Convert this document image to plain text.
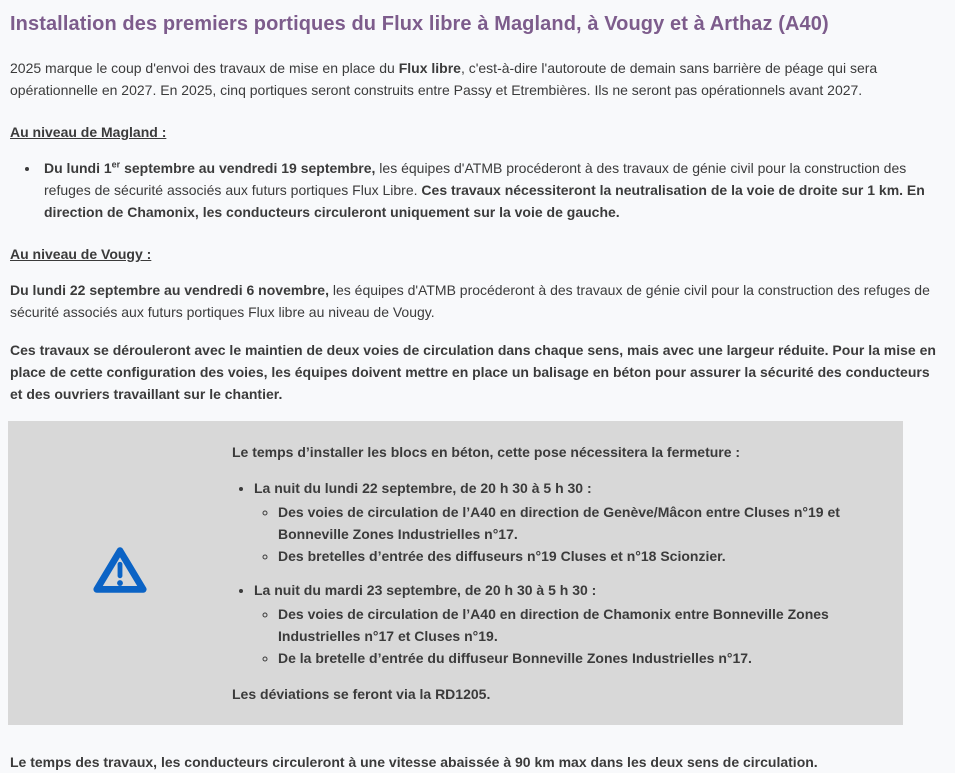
Installation des premiers portiques du Flux libre à Magland, à Vougy et à Arthaz (A40)

2025 marque le coup d'envoi des travaux de mise en place du Flux libre, c'est-à-dire l'autoroute de demain sans barrière de péage qui sera opérationnelle en 2027. En 2025, cinq portiques seront construits entre Passy et Etrembières. Ils ne seront pas opérationnels avant 2027.

Au niveau de Magland :
• Du lundi 1er septembre au vendredi 19 septembre, les équipes d'ATMB procéderont à des travaux de génie civil pour la construction des refuges de sécurité associés aux futurs portiques Flux Libre. Ces travaux nécessiteront la neutralisation de la voie de droite sur 1 km. En direction de Chamonix, les conducteurs circuleront uniquement sur la voie de gauche.
Au niveau de Vougy :

Du lundi 22 septembre au vendredi 6 novembre, les équipes d'ATMB procéderont à des travaux de génie civil pour la construction des refuges de sécurité associés aux futurs portiques Flux libre au niveau de Vougy.

Ces travaux se dérouleront avec le maintien de deux voies de circulation dans chaque sens, mais avec une largeur réduite. Pour la mise en place de cette configuration des voies, les équipes doivent mettre en place un balisage en béton pour assurer la sécurité des conducteurs et des ouvriers travaillant sur le chantier.

Le temps d’installer les blocs en béton, cette pose nécessitera la fermeture :

• La nuit du lundi 22 septembre, de 20 h 30 à 5 h 30 :
◦ Des voies de circulation de l’A40 en direction de Genève/Mâcon entre Cluses n°19 et Bonneville Zones Industrielles n°17.
◦ Des bretelles d’entrée des diffuseurs n°19 Cluses et n°18 Scionzier.
• La nuit du mardi 23 septembre, de 20 h 30 à 5 h 30 :
◦ Des voies de circulation de l’A40 en direction de Chamonix entre Bonneville Zones Industrielles n°17 et Cluses n°19.
◦ De la bretelle d’entrée du diffuseur Bonneville Zones Industrielles n°17.

Les déviations se feront via la RD1205.

Le temps des travaux, les conducteurs circuleront à une vitesse abaissée à 90 km max dans les deux sens de circulation.
